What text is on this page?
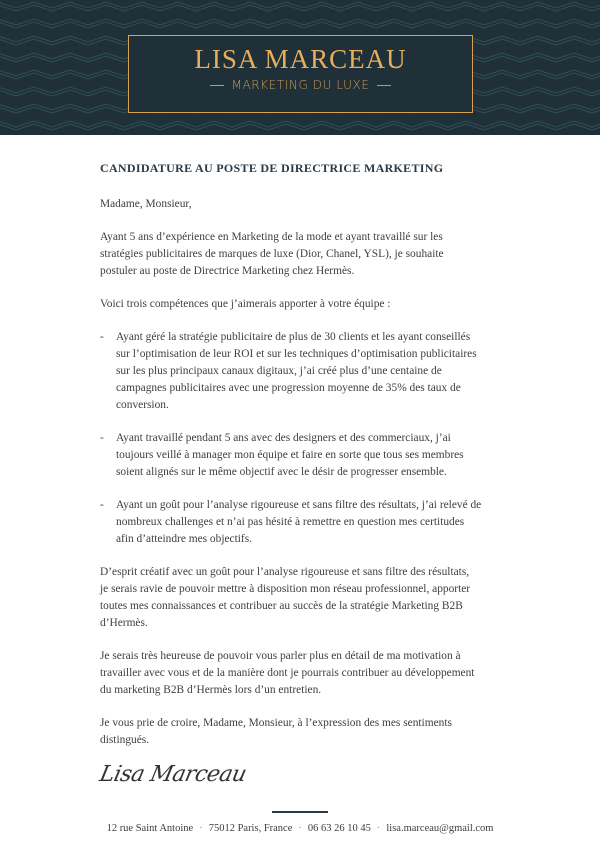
LISA MARCEAU
MARKETING DU LUXE
CANDIDATURE AU POSTE DE DIRECTRICE MARKETING

Madame, Monsieur,

Ayant 5 ans d’expérience en Marketing de la mode et ayant travaillé sur les
stratégies publicitaires de marques de luxe (Dior, Chanel, YSL), je souhaite
postuler au poste de Directrice Marketing chez Hermès.

Voici trois compétences que j’aimerais apporter à votre équipe :

- Ayant géré la stratégie publicitaire de plus de 30 clients et les ayant conseillés
sur l’optimisation de leur ROI et sur les techniques d’optimisation publicitaires
sur les plus principaux canaux digitaux, j’ai créé plus d’une centaine de
campagnes publicitaires avec une progression moyenne de 35% des taux de
conversion.
- Ayant travaillé pendant 5 ans avec des designers et des commerciaux, j’ai
toujours veillé à manager mon équipe et faire en sorte que tous ses membres
soient alignés sur le même objectif avec le désir de progresser ensemble.
- Ayant un goût pour l’analyse rigoureuse et sans filtre des résultats, j’ai relevé de
nombreux challenges et n’ai pas hésité à remettre en question mes certitudes
afin d’atteindre mes objectifs.

D’esprit créatif avec un goût pour l’analyse rigoureuse et sans filtre des résultats,
je serais ravie de pouvoir mettre à disposition mon réseau professionnel, apporter
toutes mes connaissances et contribuer au succès de la stratégie Marketing B2B
d’Hermès.

Je serais très heureuse de pouvoir vous parler plus en détail de ma motivation à
travailler avec vous et de la manière dont je pourrais contribuer au développement
du marketing B2B d’Hermès lors d’un entretien.

Je vous prie de croire, Madame, Monsieur, à l’expression des mes sentiments
distingués.

Lisa Marceau
12 rue Saint Antoine · 75012 Paris, France · 06 63 26 10 45 · lisa.marceau@gmail.com
